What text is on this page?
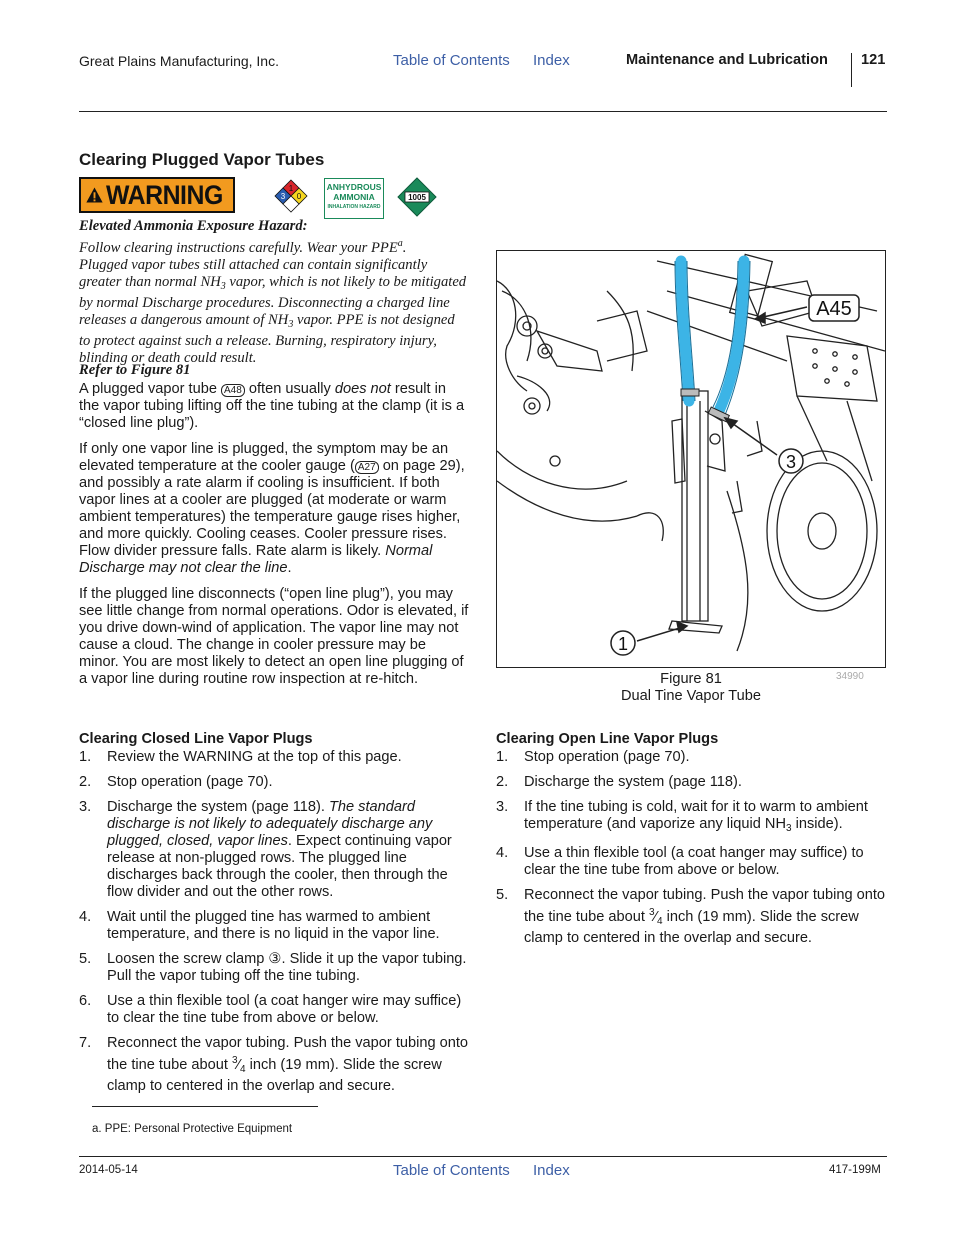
Great Plains Manufacturing, Inc.	Table of Contents Index	Maintenance and Lubrication 121
Clearing Plugged Vapor Tubes
WARNING	1
3 0
ANHYDROUS
AMMONIA
INHALATION HAZARD
1005
Elevated Ammonia Exposure Hazard:
Follow clearing instructions carefully. Wear your PPE$^a$.
Plugged vapor tubes still attached can contain significantly greater than normal $NH_3$ vapor, which is not likely to be mitigated by normal Discharge procedures. Disconnecting a charged line releases a dangerous amount of $NH_3$ vapor. PPE is not designed to protect against such a release. Burning, respiratory injury, blinding or death could result.
Refer to Figure 81

A plugged vapor tube A48 often usually does not result in the vapor tubing lifting off the tine tubing at the clamp (it is a “closed line plug”).

If only one vapor line is plugged, the symptom may be an elevated temperature at the cooler gauge ( A27 on page 29), and possibly a rate alarm if cooling is insufficient. If both vapor lines at a cooler are plugged (at moderate or warm ambient temperatures) the temperature gauge rises higher, and more quickly. Cooling ceases. Cooler pressure rises. Flow divider pressure falls. Rate alarm is likely. Normal Discharge may not clear the line.

If the plugged line disconnects (“open line plug”), you may see little change from normal operations. Odor is elevated, if you drive down-wind of application. The vapor line may not cause a cloud. The change in cooler pressure may be minor. You are most likely to detect an open line plugging of a vapor line during routine row inspection at re-hitch.

Clearing Closed Line Vapor Plugs
1. Review the WARNING at the top of this page.
2. Stop operation (page 70).
3. Discharge the system (page 118). The standard discharge is not likely to adequately discharge any plugged, closed, vapor lines. Expect continuing vapor release at non-plugged rows. The plugged line discharges back through the cooler, then through the flow divider and out the other rows.
4. Wait until the plugged tine has warmed to ambient temperature, and there is no liquid in the vapor line.
5. Loosen the screw clamp ③. Slide it up the vapor tubing. Pull the vapor tubing off the tine tubing.
6. Use a thin flexible tool (a coat hanger wire may suffice) to clear the tine tube from above or below.
7. Reconnect the vapor tubing. Push the vapor tubing onto the tine tube about $^3⁄_4$ inch (19 mm). Slide the screw clamp to centered in the overlap and secure.
A45
3
1
Figure 81
Dual Tine Vapor Tube
34990
Clearing Open Line Vapor Plugs
1. Stop operation (page 70).
2. Discharge the system (page 118).
3. If the tine tubing is cold, wait for it to warm to ambient temperature (and vaporize any liquid $NH_3$ inside).
4. Use a thin flexible tool (a coat hanger may suffice) to clear the tine tube from above or below.
5. Reconnect the vapor tubing. Push the vapor tubing onto the tine tube about $^3⁄_4$ inch (19 mm). Slide the screw clamp to centered in the overlap and secure.
a. PPE: Personal Protective Equipment
2014-05-14	Table of Contents Index	417-199M
